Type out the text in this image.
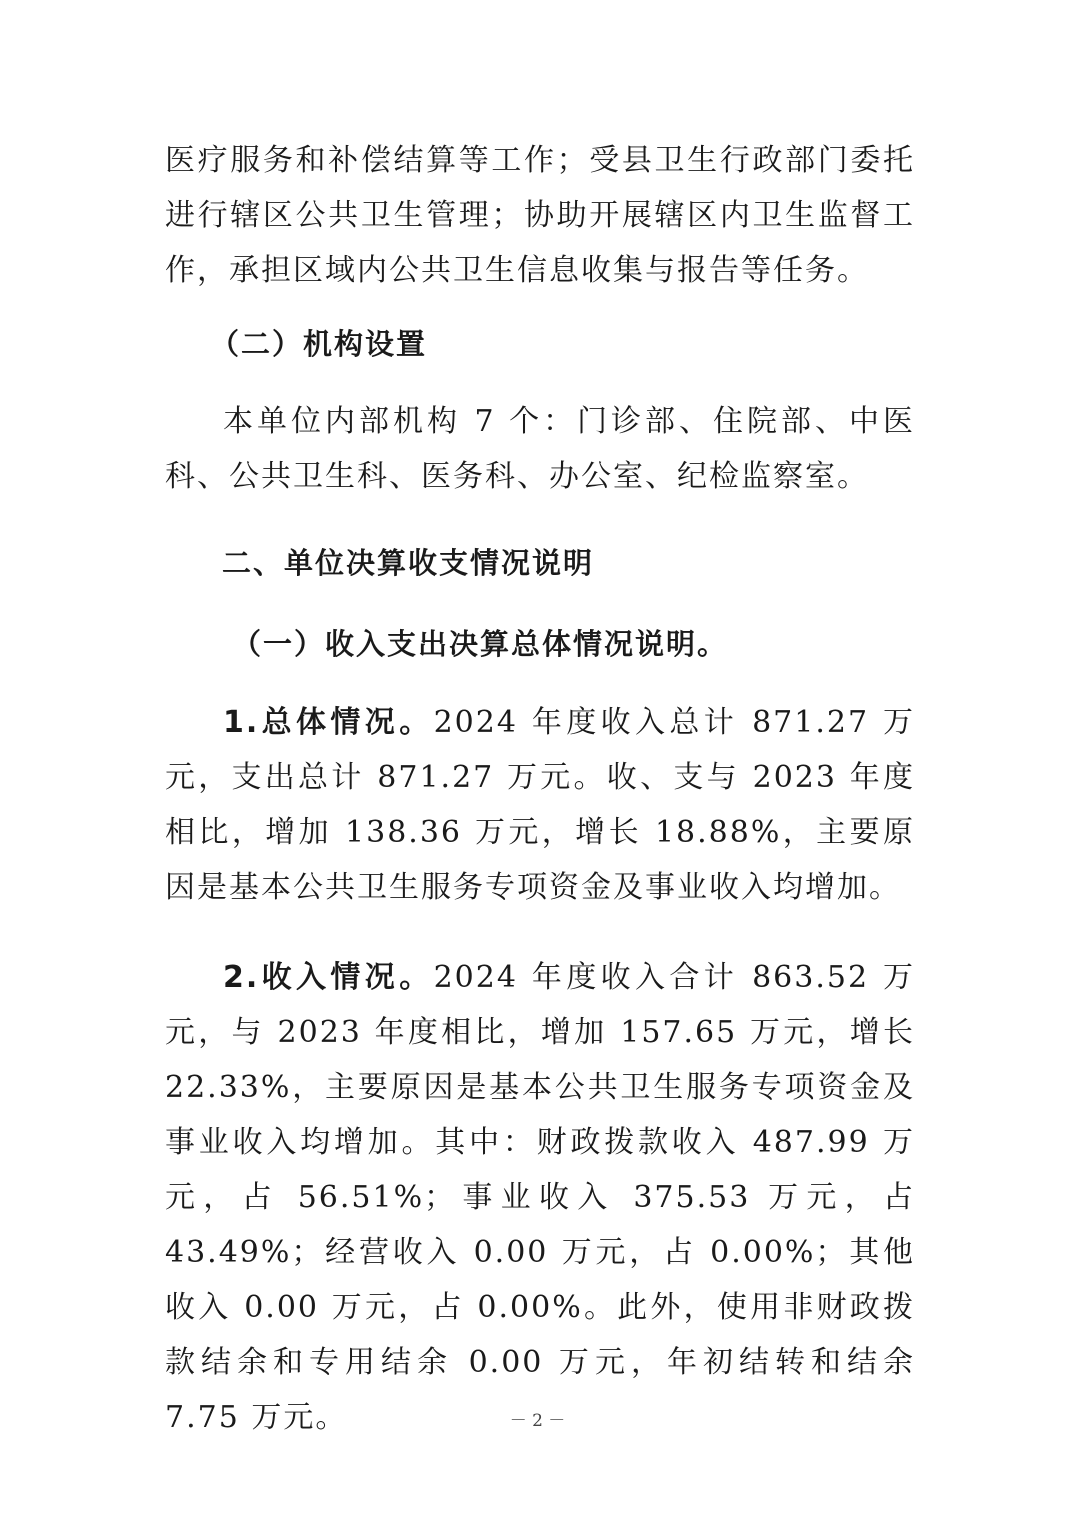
医疗服务和补偿结算等工作；受县卫生行政部门委托进行辖区公共卫生管理；协助开展辖区内卫生监督工作，承担区域内公共卫生信息收集与报告等任务。

（二）机构设置

本单位内部机构 7 个：门诊部、住院部、中医科、公共卫生科、医务科、办公室、纪检监察室。

二、单位决算收支情况说明
（一）收入支出决算总体情况说明。

1.总体情况。2024 年度收入总计 871.27 万元，支出总计 871.27 万元。收、支与 2023 年度相比，增加 138.36 万元，增长 18.88%，主要原因是基本公共卫生服务专项资金及事业收入均增加。

2.收入情况。2024 年度收入合计 863.52 万元，与 2023 年度相比，增加 157.65 万元，增长 22.33%，主要原因是基本公共卫生服务专项资金及事业收入均增加。其中：财政拨款收入 487.99 万元，占 56.51%；事业收入 375.53 万元，占 43.49%；经营收入 0.00 万元，占 0.00%；其他收入 0.00 万元，占 0.00%。此外，使用非财政拨款结余和专用结余 0.00 万元，年初结转和结余 7.75 万元。	－ 2 －
